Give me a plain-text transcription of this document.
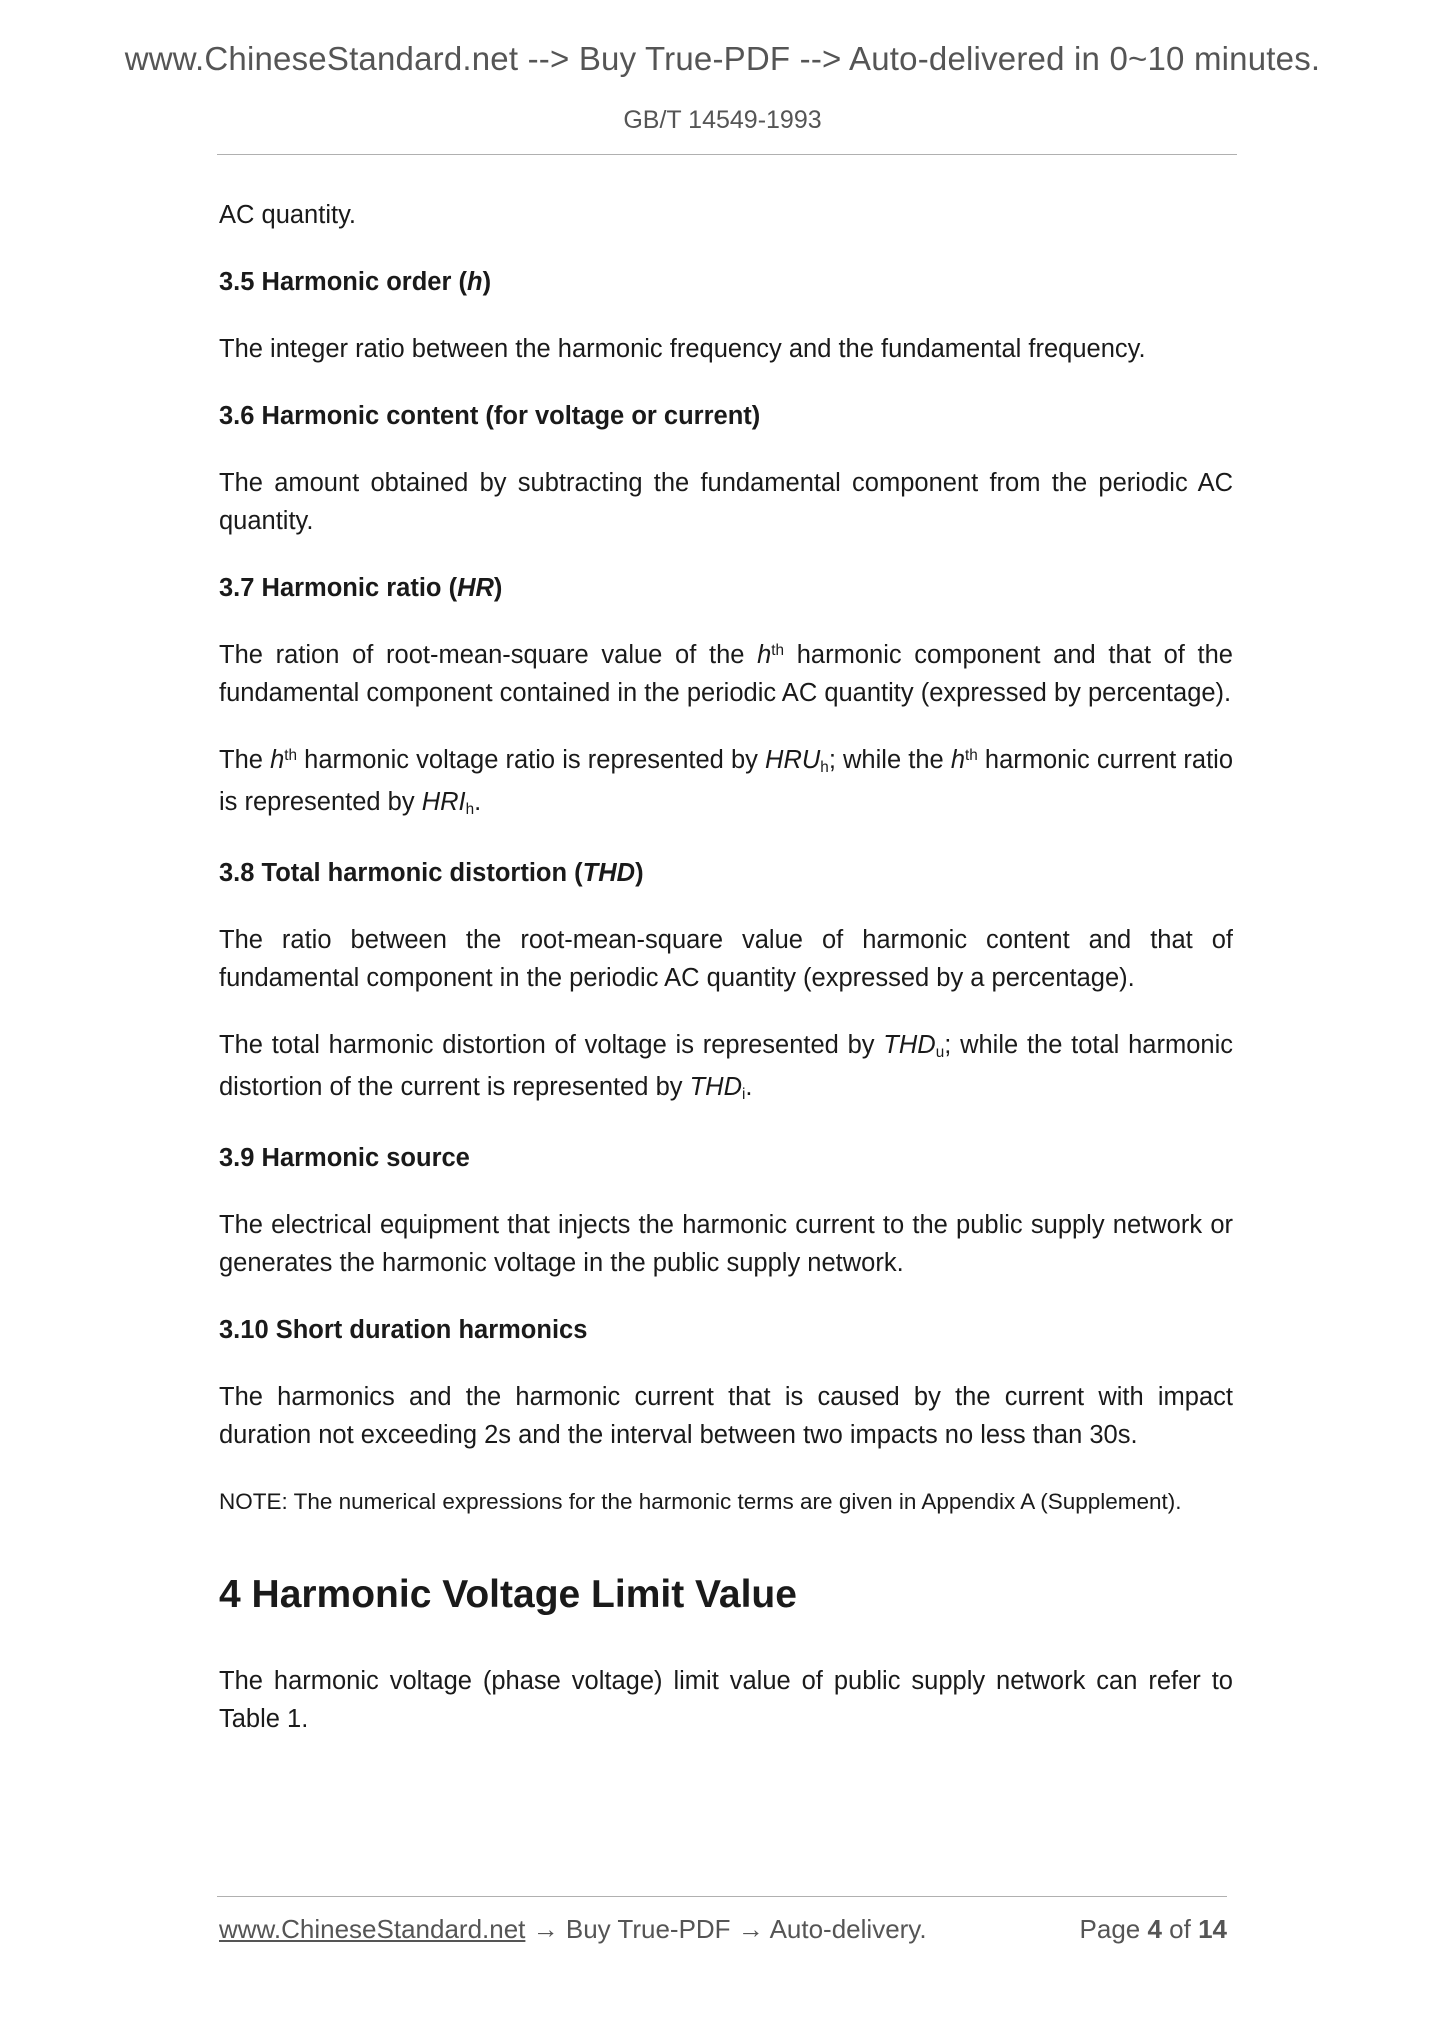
www.ChineseStandard.net --> Buy True-PDF --> Auto-delivered in 0~10 minutes.
GB/T 14549-1993

AC quantity.

3.5 Harmonic order (h)

The integer ratio between the harmonic frequency and the fundamental frequency.

3.6 Harmonic content (for voltage or current)

The amount obtained by subtracting the fundamental component from the periodic AC quantity.

3.7 Harmonic ratio (HR)

The ration of root-mean-square value of the $h^{th}$ harmonic component and that of the fundamental component contained in the periodic AC quantity (expressed by percentage).

The $h^{th}$ harmonic voltage ratio is represented by $HRU_h$; while the $h^{th}$ harmonic current ratio is represented by $HRI_h$.

3.8 Total harmonic distortion (THD)

The ratio between the root-mean-square value of harmonic content and that of fundamental component in the periodic AC quantity (expressed by a percentage).

The total harmonic distortion of voltage is represented by $THD_u$; while the total harmonic distortion of the current is represented by $THD_i$.

3.9 Harmonic source

The electrical equipment that injects the harmonic current to the public supply network or generates the harmonic voltage in the public supply network.

3.10 Short duration harmonics

The harmonics and the harmonic current that is caused by the current with impact duration not exceeding 2s and the interval between two impacts no less than 30s.

NOTE: The numerical expressions for the harmonic terms are given in Appendix A (Supplement).

4 Harmonic Voltage Limit Value

The harmonic voltage (phase voltage) limit value of public supply network can refer to Table 1.

www.ChineseStandard.net → Buy True-PDF → Auto-delivery.	Page 4 of 14
